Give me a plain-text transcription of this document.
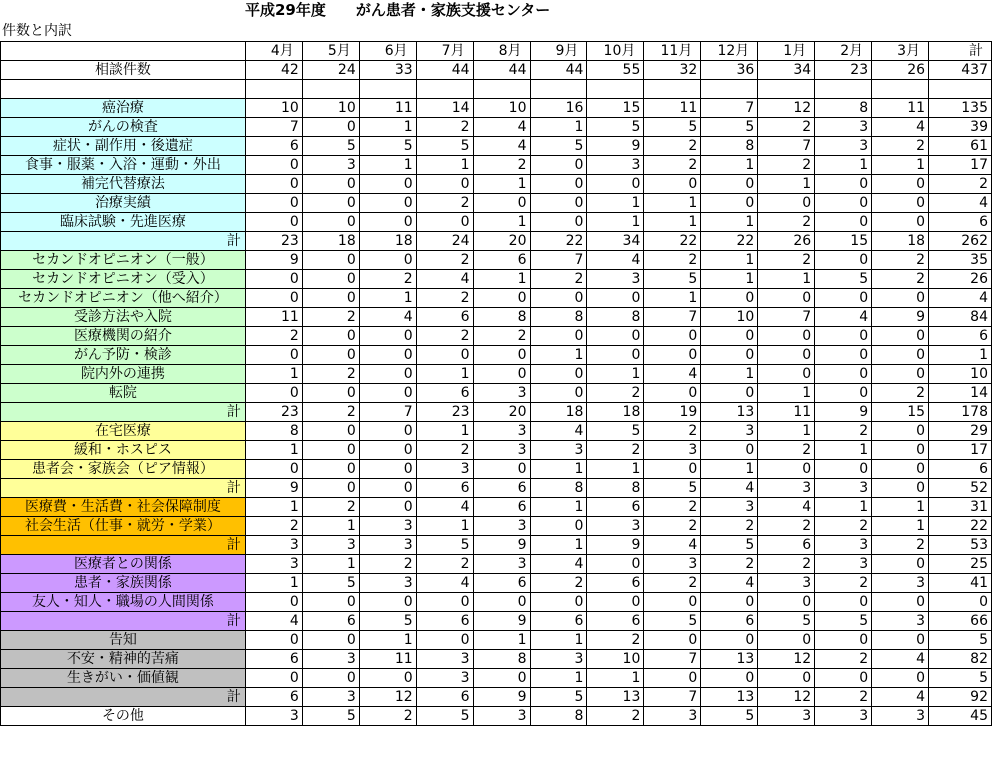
平成29年度　　がん患者・家族支援センター
件数と内訳
	4月	5月	6月	7月	8月	9月	10月	11月	12月	1月	2月	3月	計
相談件数	42	24	33	44	44	44	55	32	36	34	23	26	437

癌治療	10	10	11	14	10	16	15	11	7	12	8	11	135
がんの検査	7	0	1	2	4	1	5	5	5	2	3	4	39
症状・副作用・後遺症	6	5	5	5	4	5	9	2	8	7	3	2	61
食事・服薬・入浴・運動・外出	0	3	1	1	2	0	3	2	1	2	1	1	17
補完代替療法	0	0	0	0	1	0	0	0	0	1	0	0	2
治療実績	0	0	0	2	0	0	1	1	0	0	0	0	4
臨床試験・先進医療	0	0	0	0	1	0	1	1	1	2	0	0	6
計	23	18	18	24	20	22	34	22	22	26	15	18	262
セカンドオピニオン（一般）	9	0	0	2	6	7	4	2	1	2	0	2	35
セカンドオピニオン（受入）	0	0	2	4	1	2	3	5	1	1	5	2	26
セカンドオピニオン（他へ紹介）	0	0	1	2	0	0	0	1	0	0	0	0	4
受診方法や入院	11	2	4	6	8	8	8	7	10	7	4	9	84
医療機関の紹介	2	0	0	2	2	0	0	0	0	0	0	0	6
がん予防・検診	0	0	0	0	0	1	0	0	0	0	0	0	1
院内外の連携	1	2	0	1	0	0	1	4	1	0	0	0	10
転院	0	0	0	6	3	0	2	0	0	1	0	2	14
計	23	2	7	23	20	18	18	19	13	11	9	15	178
在宅医療	8	0	0	1	3	4	5	2	3	1	2	0	29
緩和・ホスピス	1	0	0	2	3	3	2	3	0	2	1	0	17
患者会・家族会（ピア情報）	0	0	0	3	0	1	1	0	1	0	0	0	6
計	9	0	0	6	6	8	8	5	4	3	3	0	52
医療費・生活費・社会保障制度	1	2	0	4	6	1	6	2	3	4	1	1	31
社会生活（仕事・就労・学業）	2	1	3	1	3	0	3	2	2	2	2	1	22
計	3	3	3	5	9	1	9	4	5	6	3	2	53
医療者との関係	3	1	2	2	3	4	0	3	2	2	3	0	25
患者・家族関係	1	5	3	4	6	2	6	2	4	3	2	3	41
友人・知人・職場の人間関係	0	0	0	0	0	0	0	0	0	0	0	0	0
計	4	6	5	6	9	6	6	5	6	5	5	3	66
告知	0	0	1	0	1	1	2	0	0	0	0	0	5
不安・精神的苦痛	6	3	11	3	8	3	10	7	13	12	2	4	82
生きがい・価値観	0	0	0	3	0	1	1	0	0	0	0	0	5
計	6	3	12	6	9	5	13	7	13	12	2	4	92
その他	3	5	2	5	3	8	2	3	5	3	3	3	45
